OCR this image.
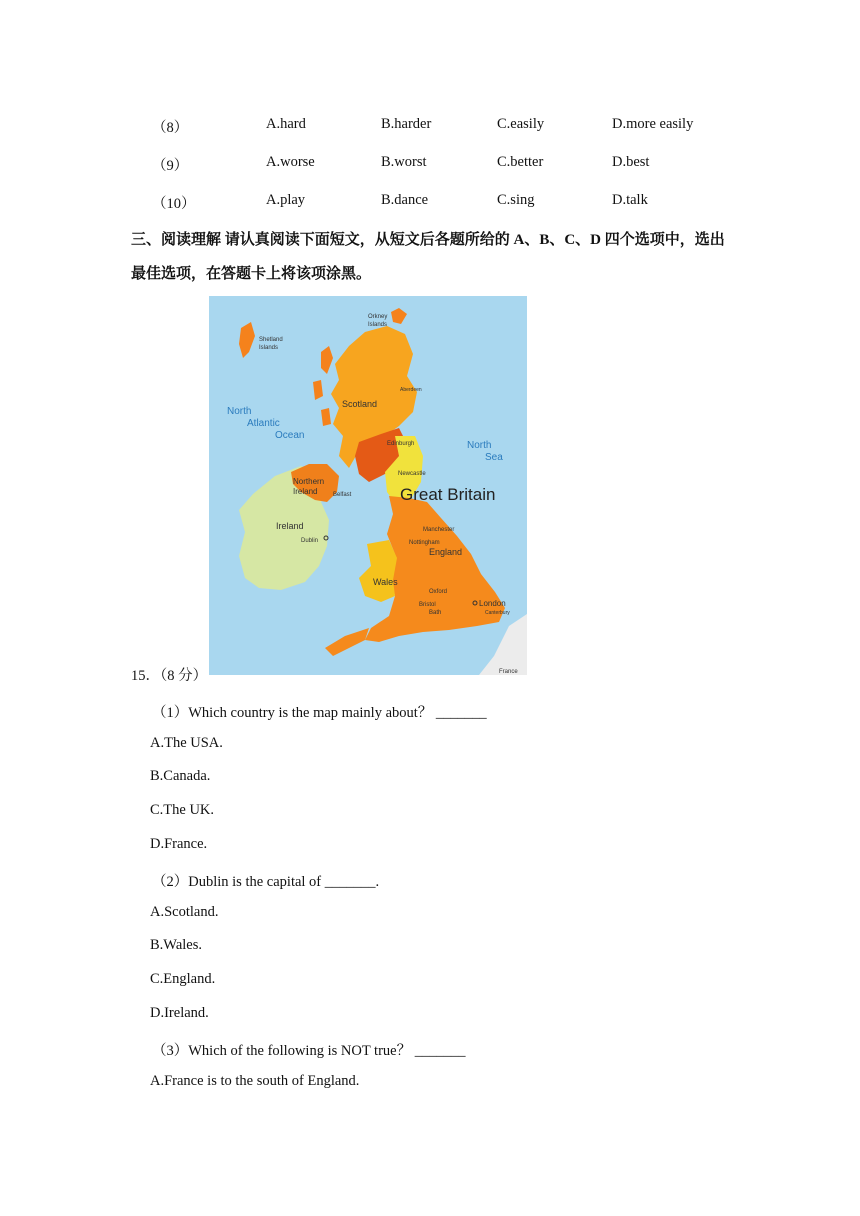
（8）	A.hard	B.harder	C.easily	D.more easily
（9）	A.worse	B.worst	C.better	D.best
（10）	A.play	B.dance	C.sing	D.talk
三、阅读理解 请认真阅读下面短文，从短文后各题所给的 A、B、C、D 四个选项中，选出
最佳选项，在答题卡上将该项涂黑。
Orkney
Islands
Shetland
Islands
North
Atlantic
Ocean
North
Sea
Scotland
Aberdeen
Edinburgh
Newcastle
Great Britain
Northern
Ireland	Belfast
Ireland
Dublin
Manchester
Nottingham
England
Wales
Oxford
Bristol
Bath
London
Canterbury
France
15．（8 分）
（1）Which country is the map mainly about？ _______
A.The USA.
B.Canada.
C.The UK.
D.France.
（2）Dublin is the capital of _______.
A.Scotland.
B.Wales.
C.England.
D.Ireland.
（3）Which of the following is NOT true？ _______
A.France is to the south of England.
